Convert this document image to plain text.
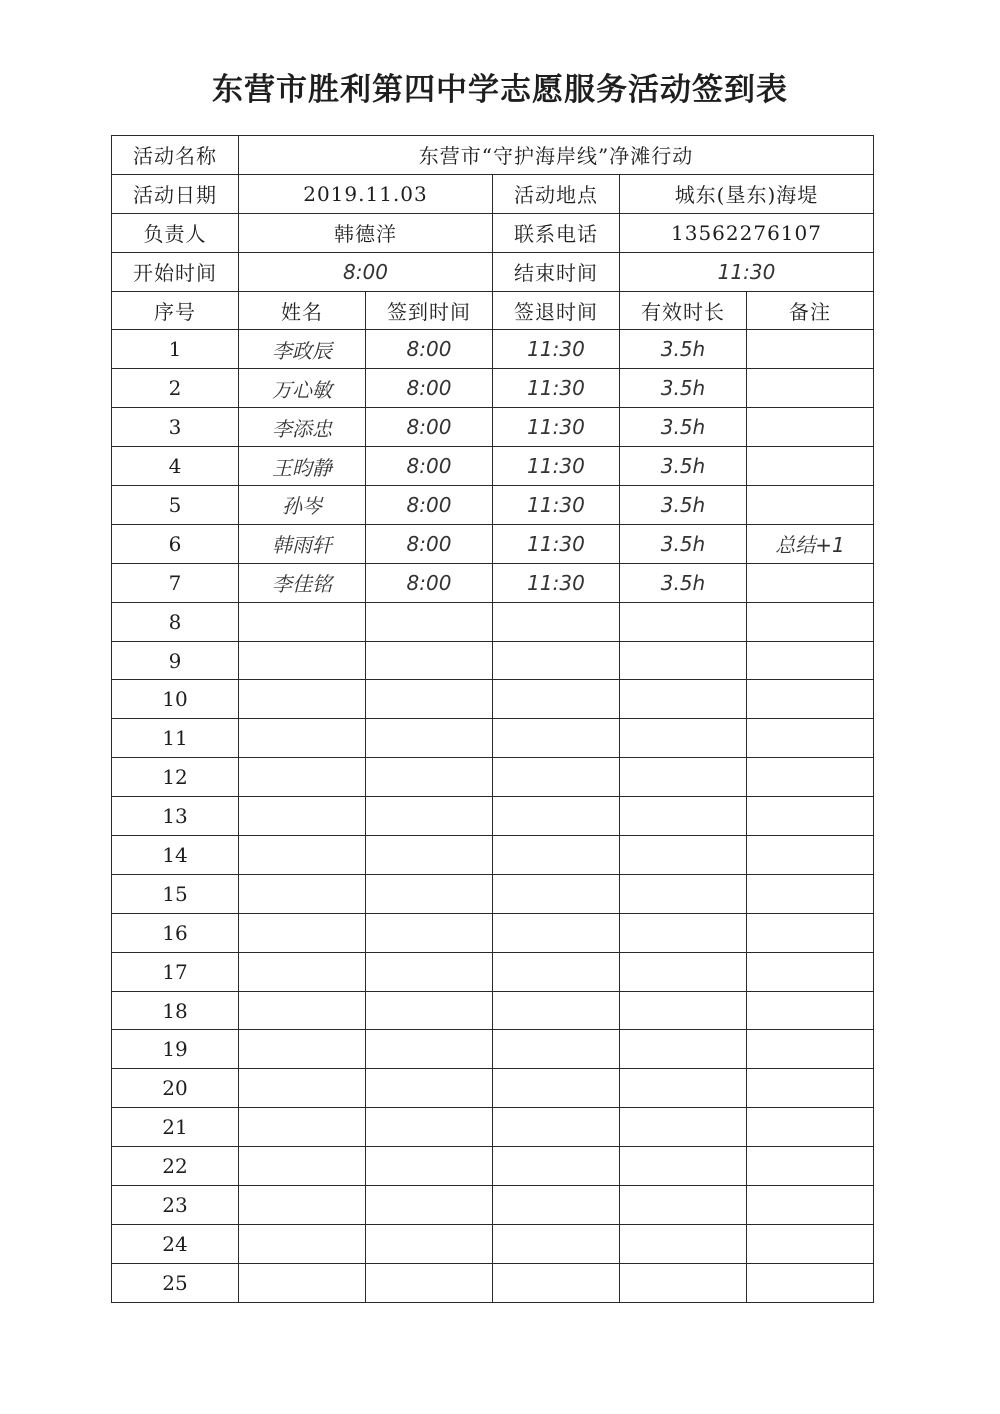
东营市胜利第四中学志愿服务活动签到表
活动名称	东营市“守护海岸线”净滩行动				
活动日期	2019.11.03		活动地点	城东(垦东)海堤	
负责人	韩德洋		联系电话	13562276107	
开始时间	8:00		结束时间	11:30	
序号	姓名	签到时间	签退时间	有效时长	备注
1	李政辰	8:00	11:30	3.5h	
2	万心敏	8:00	11:30	3.5h	
3	李添忠	8:00	11:30	3.5h	
4	王昀静	8:00	11:30	3.5h	
5	孙岑	8:00	11:30	3.5h	
6	韩雨轩	8:00	11:30	3.5h	总结+1
7	李佳铭	8:00	11:30	3.5h	
8					
9					
10					
11					
12					
13					
14					
15					
16					
17					
18					
19					
20					
21					
22					
23					
24					
25					
